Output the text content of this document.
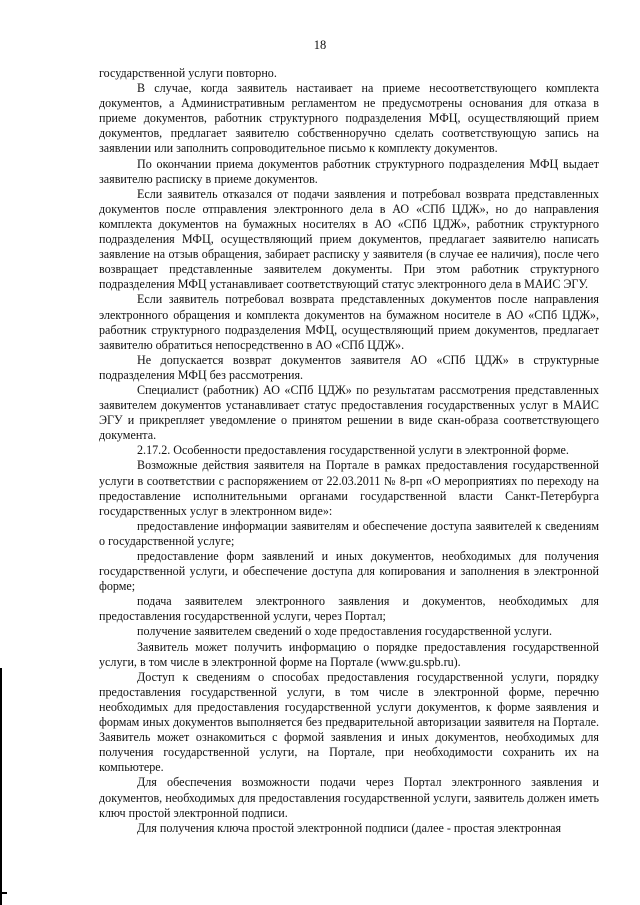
18

государственной услуги повторно.

В случае, когда заявитель настаивает на приеме несоответствующего комплекта документов, а Административным регламентом не предусмотрены основания для отказа в приеме документов, работник структурного подразделения МФЦ, осуществляющий прием документов, предлагает заявителю собственноручно сделать соответствующую запись на заявлении или заполнить сопроводительное письмо к комплекту документов.

По окончании приема документов работник структурного подразделения МФЦ выдает заявителю расписку в приеме документов.

Если заявитель отказался от подачи заявления и потребовал возврата представленных документов после отправления электронного дела в АО «СПб ЦДЖ», но до направления комплекта документов на бумажных носителях в АО «СПб ЦДЖ», работник структурного подразделения МФЦ, осуществляющий прием документов, предлагает заявителю написать заявление на отзыв обращения, забирает расписку у заявителя (в случае ее наличия), после чего возвращает представленные заявителем документы. При этом работник структурного подразделения МФЦ устанавливает соответствующий статус электронного дела в МАИС ЭГУ.

Если заявитель потребовал возврата представленных документов после направления электронного обращения и комплекта документов на бумажном носителе в АО «СПб ЦДЖ», работник структурного подразделения МФЦ, осуществляющий прием документов, предлагает заявителю обратиться непосредственно в АО «СПб ЦДЖ».

Не допускается возврат документов заявителя АО «СПб ЦДЖ» в структурные подразделения МФЦ без рассмотрения.

Специалист (работник) АО «СПб ЦДЖ» по результатам рассмотрения представленных заявителем документов устанавливает статус предоставления государственных услуг в МАИС ЭГУ и прикрепляет уведомление о принятом решении в виде скан-образа соответствующего документа.

2.17.2. Особенности предоставления государственной услуги в электронной форме.

Возможные действия заявителя на Портале в рамках предоставления государственной услуги в соответствии с распоряжением от 22.03.2011 № 8-рп «О мероприятиях по переходу на предоставление исполнительными органами государственной власти Санкт-Петербурга государственных услуг в электронном виде»:

предоставление информации заявителям и обеспечение доступа заявителей к сведениям о государственной услуге;

предоставление форм заявлений и иных документов, необходимых для получения государственной услуги, и обеспечение доступа для копирования и заполнения в электронной форме;

подача заявителем электронного заявления и документов, необходимых для предоставления государственной услуги, через Портал;

получение заявителем сведений о ходе предоставления государственной услуги.

Заявитель может получить информацию о порядке предоставления государственной услуги, в том числе в электронной форме на Портале (www.gu.spb.ru).

Доступ к сведениям о способах предоставления государственной услуги, порядку предоставления государственной услуги, в том числе в электронной форме, перечню необходимых для предоставления государственной услуги документов, к форме заявления и формам иных документов выполняется без предварительной авторизации заявителя на Портале. Заявитель может ознакомиться с формой заявления и иных документов, необходимых для получения государственной услуги, на Портале, при необходимости сохранить их на компьютере.

Для обеспечения возможности подачи через Портал электронного заявления и документов, необходимых для предоставления государственной услуги, заявитель должен иметь ключ простой электронной подписи.

Для получения ключа простой электронной подписи (далее - простая электронная
